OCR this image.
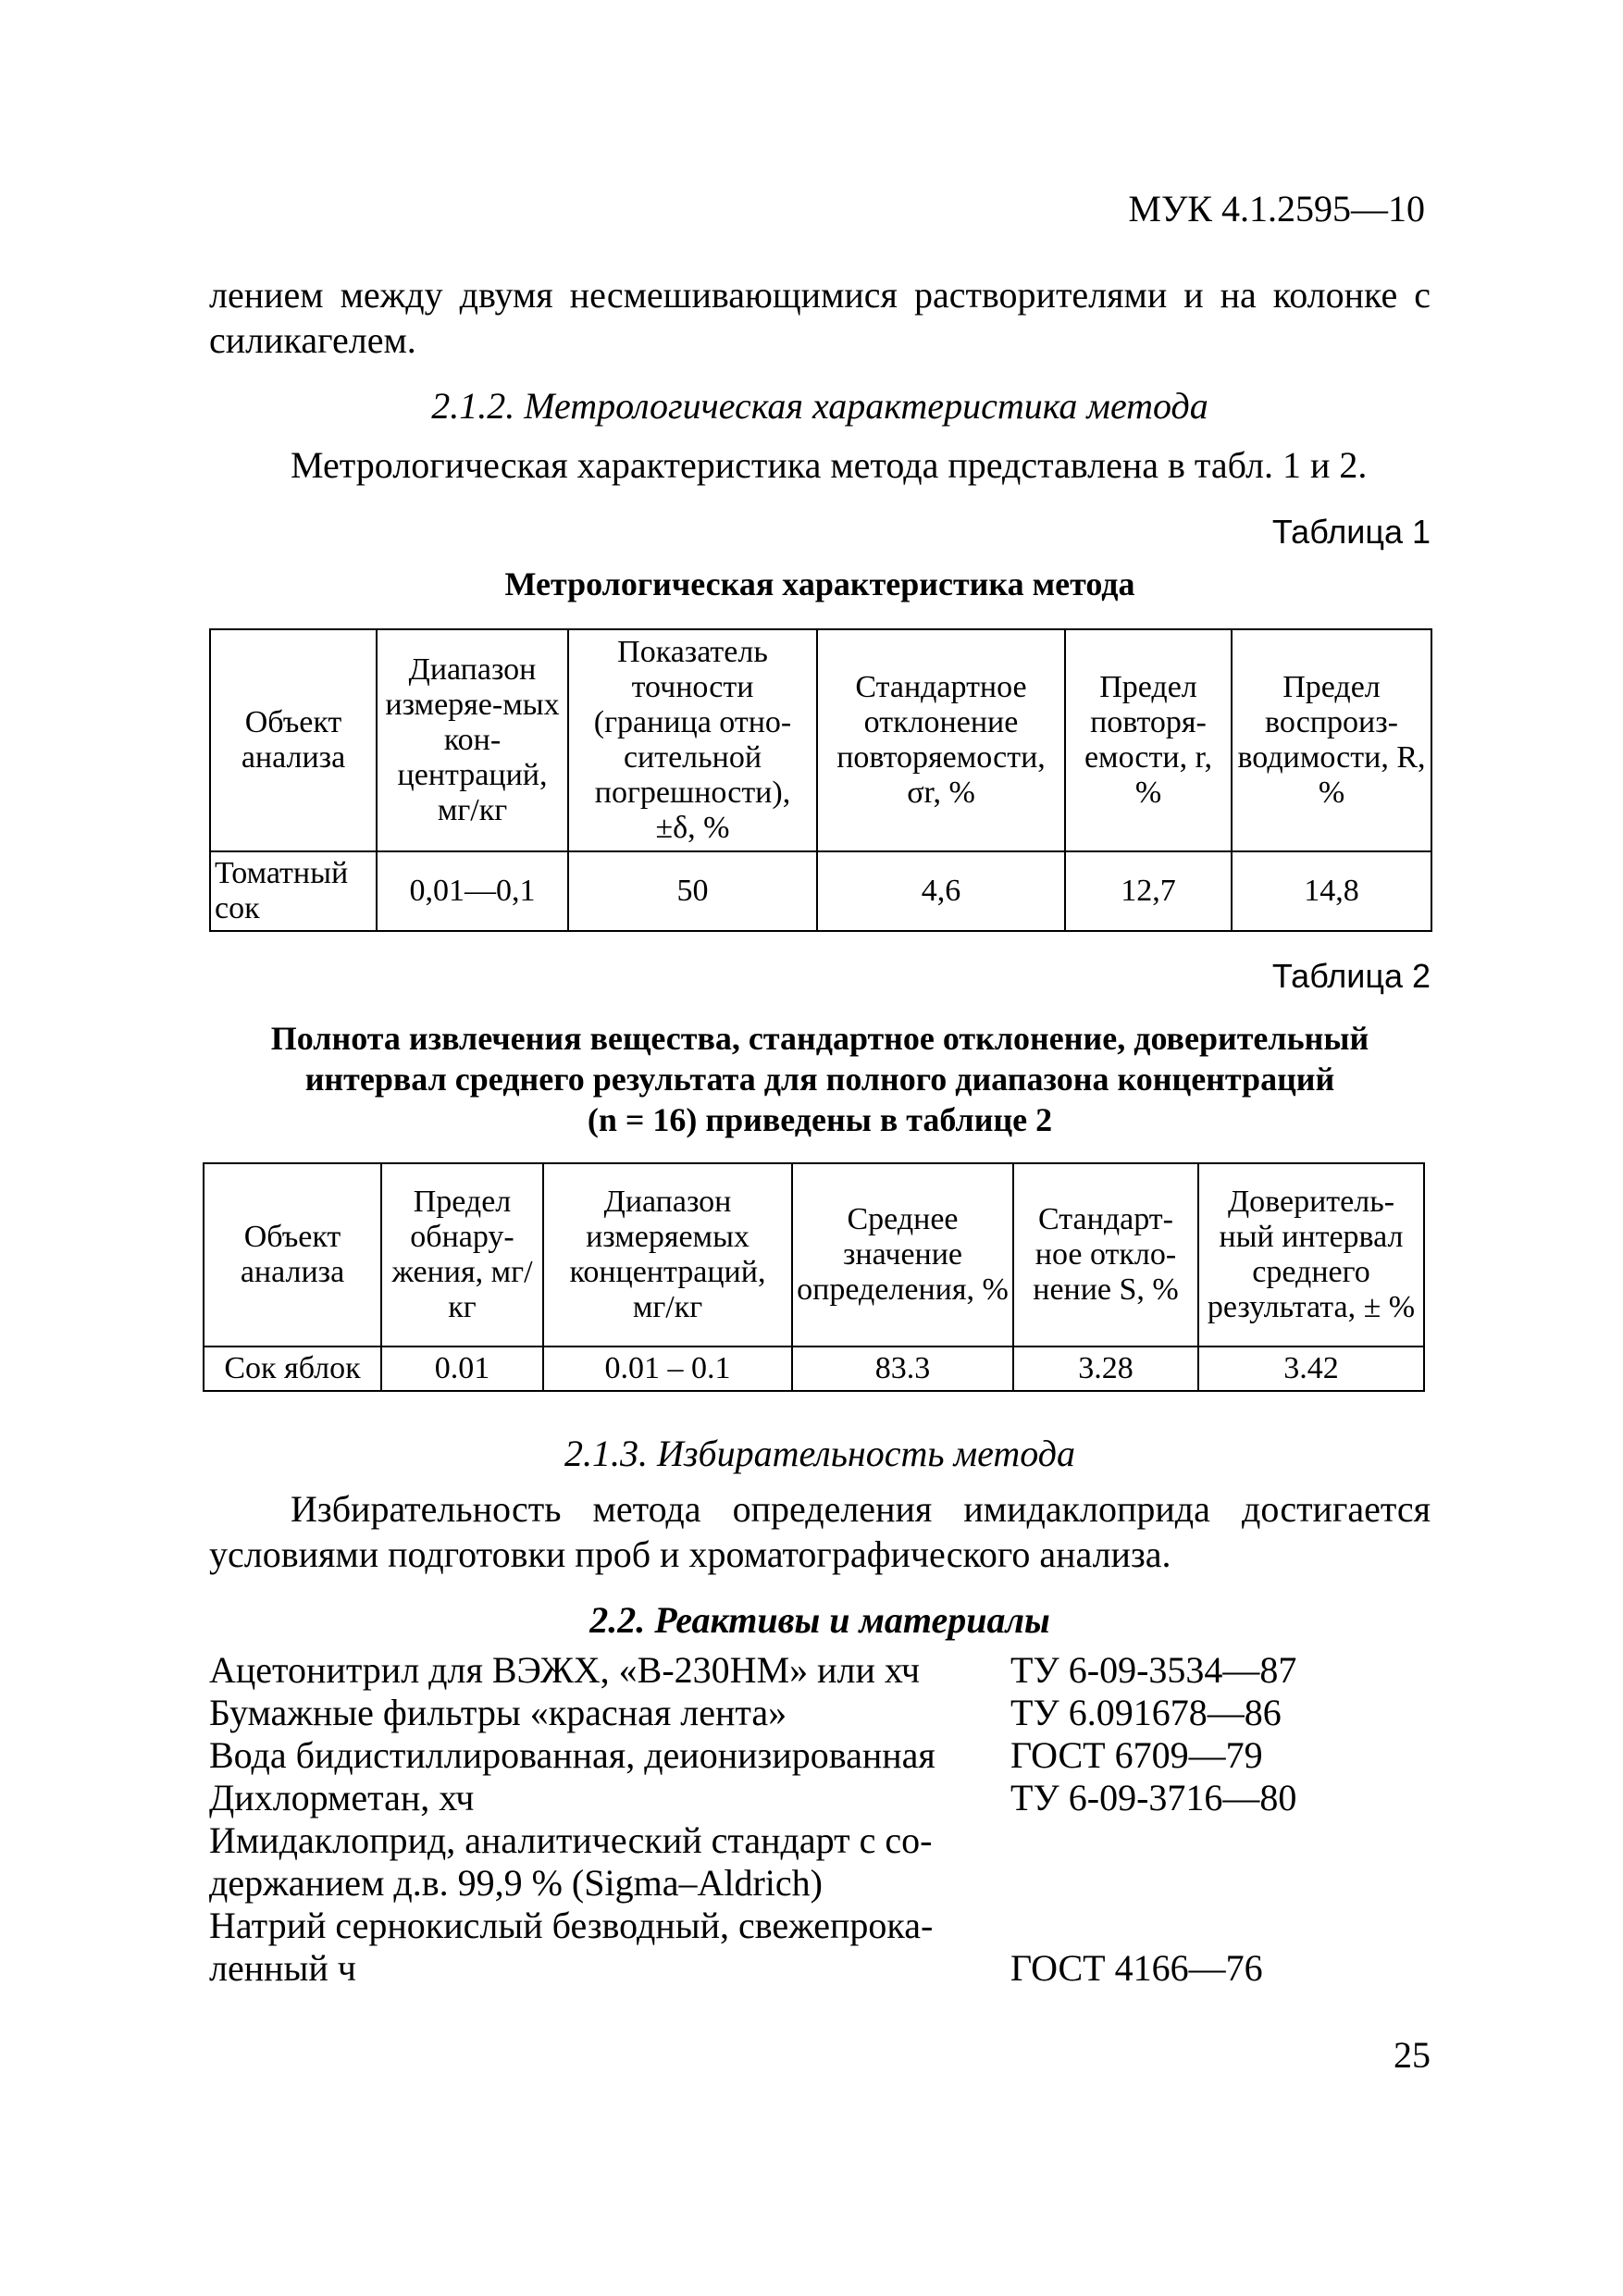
МУК 4.1.2595—10
лением между двумя несмешивающимися растворителями и на колонке с силикагелем.
2.1.2. Метрологическая характеристика метода
Метрологическая характеристика метода представлена в табл. 1 и 2.
Таблица 1
Метрологическая характеристика метода
Объект анализа	Диапазон измеряе-мых кон-центраций, мг/кг	Показатель точности (граница отно-сительной погрешности), ±δ, %	Стандартное отклонение повторяемости, σr, %	Предел повторя-емости, r, %	Предел воспроиз-водимости, R, %
Томатный сок	0,01—0,1	50	4,6	12,7	14,8
Таблица 2
Полнота извлечения вещества, стандартное отклонение, доверительный
интервал среднего результата для полного диапазона концентраций
(n = 16) приведены в таблице 2
Объект анализа	Предел обнару-жения, мг/кг	Диапазон измеряемых концентраций, мг/кг	Среднее значение определения, %	Стандарт-ное откло-нение S, %	Доверитель-ный интервал среднего результата, ± %
Сок яблок	0.01	0.01 – 0.1	83.3	3.28	3.42
2.1.3. Избирательность метода
Избирательность метода определения имидаклоприда достигается условиями подготовки проб и хроматографического анализа.
2.2. Реактивы и материалы
Ацетонитрил для ВЭЖХ, «B-230HM» или хч	ТУ 6-09-3534—87
Бумажные фильтры «красная лента»	ТУ 6.091678—86
Вода бидистиллированная, деионизированная	ГОСТ 6709—79
Дихлорметан, хч	ТУ 6-09-3716—80
Имидаклоприд, аналитический стандарт с со-	
держанием д.в. 99,9 % (Sigma–Aldrich)	
Натрий сернокислый безводный, свежепрока-	
ленный ч	ГОСТ 4166—76
25
